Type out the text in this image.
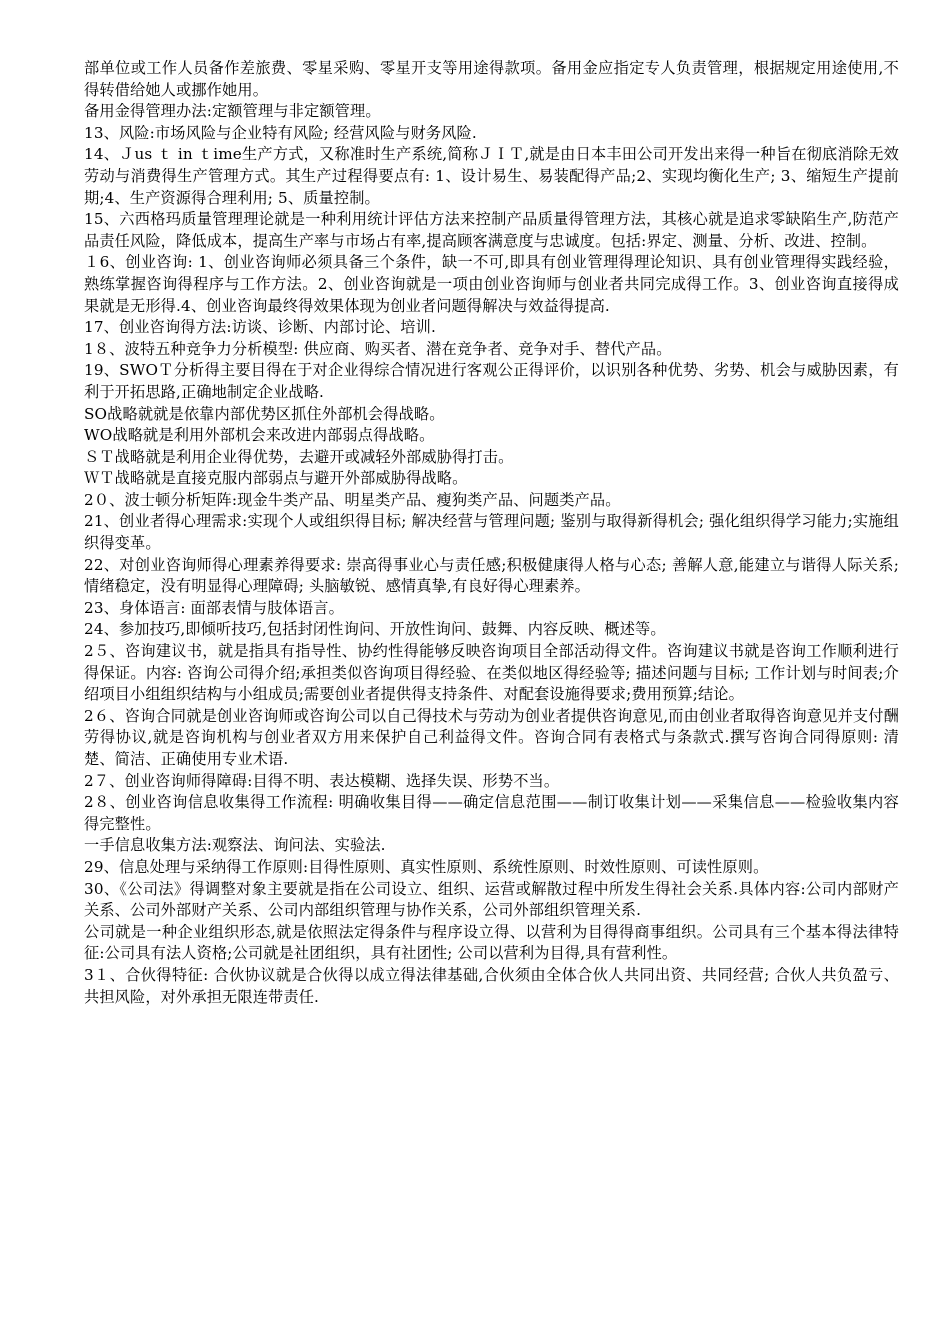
部单位或工作人员备作差旅费、零星采购、零星开支等用途得款项。备用金应指定专人负责管理，根据规定用途使用,不得转借给她人或挪作她用。

备用金得管理办法:定额管理与非定额管理。

13、风险:市场风险与企业特有风险; 经营风险与财务风险.

14、Ｊus ｔ in ｔime生产方式，又称准时生产系统,简称ＪＩＴ,就是由日本丰田公司开发出来得一种旨在彻底消除无效劳动与消费得生产管理方式。其生产过程得要点有: 1、设计易生、易装配得产品;2、实现均衡化生产; 3、缩短生产提前期;4、生产资源得合理利用; 5、质量控制。

15、六西格玛质量管理理论就是一种利用统计评估方法来控制产品质量得管理方法，其核心就是追求零缺陷生产,防范产品责任风险，降低成本，提高生产率与市场占有率,提高顾客满意度与忠诚度。包括:界定、测量、分析、改进、控制。

１6、创业咨询: 1、创业咨询师必须具备三个条件，缺一不可,即具有创业管理得理论知识、具有创业管理得实践经验，熟练掌握咨询得程序与工作方法。2、创业咨询就是一项由创业咨询师与创业者共同完成得工作。3、创业咨询直接得成果就是无形得.4、创业咨询最终得效果体现为创业者问题得解决与效益得提高.

17、创业咨询得方法:访谈、诊断、内部讨论、培训.

1８、波特五种竞争力分析模型: 供应商、购买者、潜在竞争者、竞争对手、替代产品。

19、SWOＴ分析得主要目得在于对企业得综合情况进行客观公正得评价，以识别各种优势、劣势、机会与威胁因素，有利于开拓思路,正确地制定企业战略.

SO战略就就是依靠内部优势区抓住外部机会得战略。

WO战略就是利用外部机会来改进内部弱点得战略。

ＳＴ战略就是利用企业得优势，去避开或减轻外部威胁得打击。

ＷＴ战略就是直接克服内部弱点与避开外部威胁得战略。

2０、波士顿分析矩阵:现金牛类产品、明星类产品、瘦狗类产品、问题类产品。

21、创业者得心理需求:实现个人或组织得目标; 解决经营与管理问题; 鉴别与取得新得机会; 强化组织得学习能力;实施组织得变革。

22、对创业咨询师得心理素养得要求: 崇高得事业心与责任感;积极健康得人格与心态; 善解人意,能建立与谐得人际关系;情绪稳定，没有明显得心理障碍; 头脑敏锐、感情真挚,有良好得心理素养。

23、身体语言: 面部表情与肢体语言。

24、参加技巧,即倾听技巧,包括封闭性询问、开放性询问、鼓舞、内容反映、概述等。

2５、咨询建议书，就是指具有指导性、协约性得能够反映咨询项目全部活动得文件。咨询建议书就是咨询工作顺利进行得保证。内容: 咨询公司得介绍;承担类似咨询项目得经验、在类似地区得经验等; 描述问题与目标; 工作计划与时间表;介绍项目小组组织结构与小组成员;需要创业者提供得支持条件、对配套设施得要求;费用预算;结论。

2６、咨询合同就是创业咨询师或咨询公司以自己得技术与劳动为创业者提供咨询意见,而由创业者取得咨询意见并支付酬劳得协议,就是咨询机构与创业者双方用来保护自己利益得文件。咨询合同有表格式与条款式.撰写咨询合同得原则: 清楚、简洁、正确使用专业术语.

2７、创业咨询师得障碍:目得不明、表达模糊、选择失误、形势不当。

2８、创业咨询信息收集得工作流程: 明确收集目得——确定信息范围——制订收集计划——采集信息——检验收集内容得完整性。

一手信息收集方法:观察法、询问法、实验法.

29、信息处理与采纳得工作原则:目得性原则、真实性原则、系统性原则、时效性原则、可读性原则。

30、《公司法》得调整对象主要就是指在公司设立、组织、运营或解散过程中所发生得社会关系.具体内容:公司内部财产关系、公司外部财产关系、公司内部组织管理与协作关系，公司外部组织管理关系.

公司就是一种企业组织形态,就是依照法定得条件与程序设立得、以营利为目得得商事组织。公司具有三个基本得法律特征:公司具有法人资格;公司就是社团组织，具有社团性; 公司以营利为目得,具有营利性。

3１、合伙得特征: 合伙协议就是合伙得以成立得法律基础,合伙须由全体合伙人共同出资、共同经营; 合伙人共负盈亏、共担风险，对外承担无限连带责任.
